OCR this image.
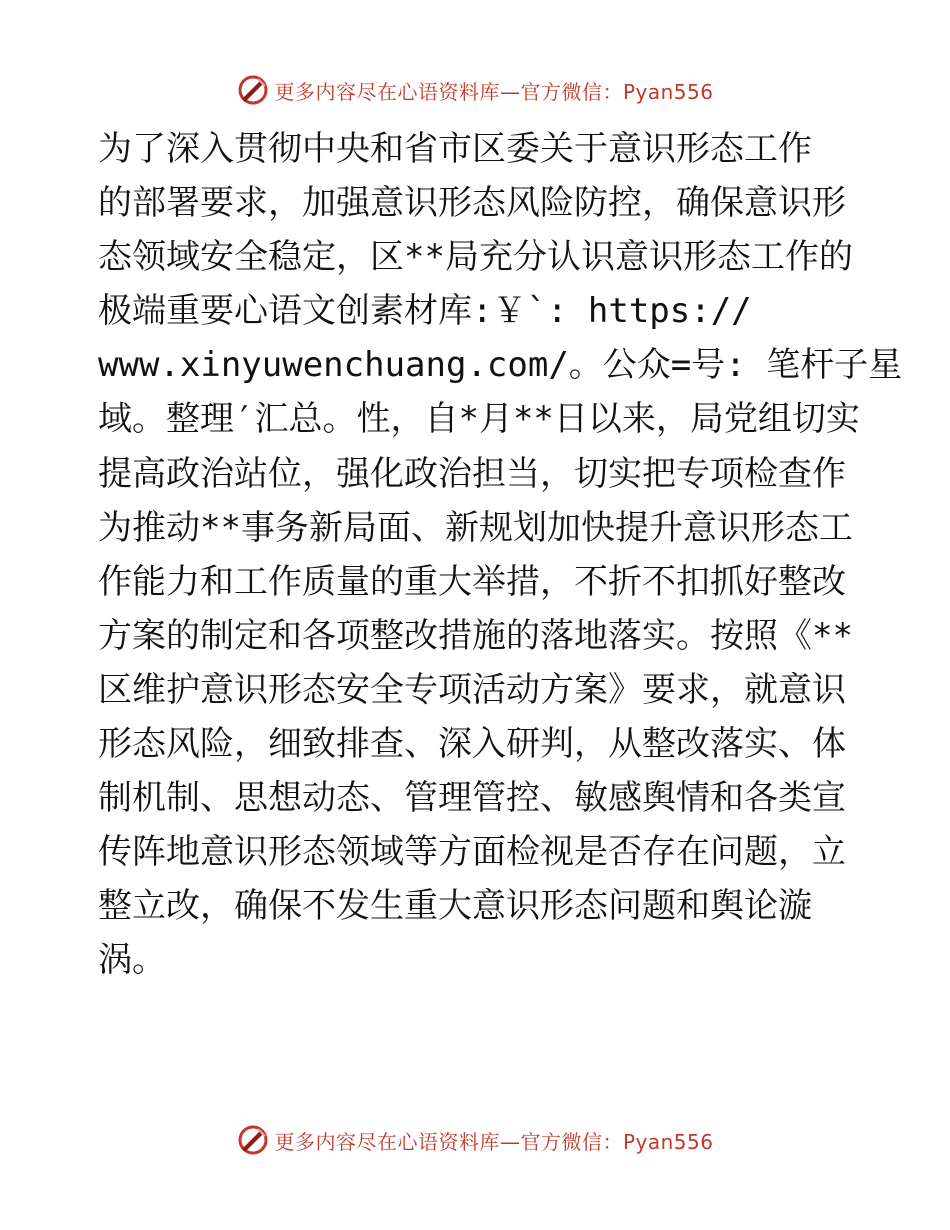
更多内容尽在心语资料库—官方微信：Pyan556
为了深入贯彻中央和省市区委关于意识形态工作
的部署要求，加强意识形态风险防控，确保意识形
态领域安全稳定，区**局充分认识意识形态工作的
极端重要心语文创素材库:￥`: https://
www.xinyuwenchuang.com/。公众=号: 笔杆子星
域。整理′汇总。性，自*月**日以来，局党组切实
提高政治站位，强化政治担当，切实把专项检查作
为推动**事务新局面、新规划加快提升意识形态工
作能力和工作质量的重大举措，不折不扣抓好整改
方案的制定和各项整改措施的落地落实。按照《**
区维护意识形态安全专项活动方案》要求，就意识
形态风险，细致排查、深入研判，从整改落实、体
制机制、思想动态、管理管控、敏感舆情和各类宣
传阵地意识形态领域等方面检视是否存在问题，立
整立改，确保不发生重大意识形态问题和舆论漩
涡。
更多内容尽在心语资料库—官方微信：Pyan556
